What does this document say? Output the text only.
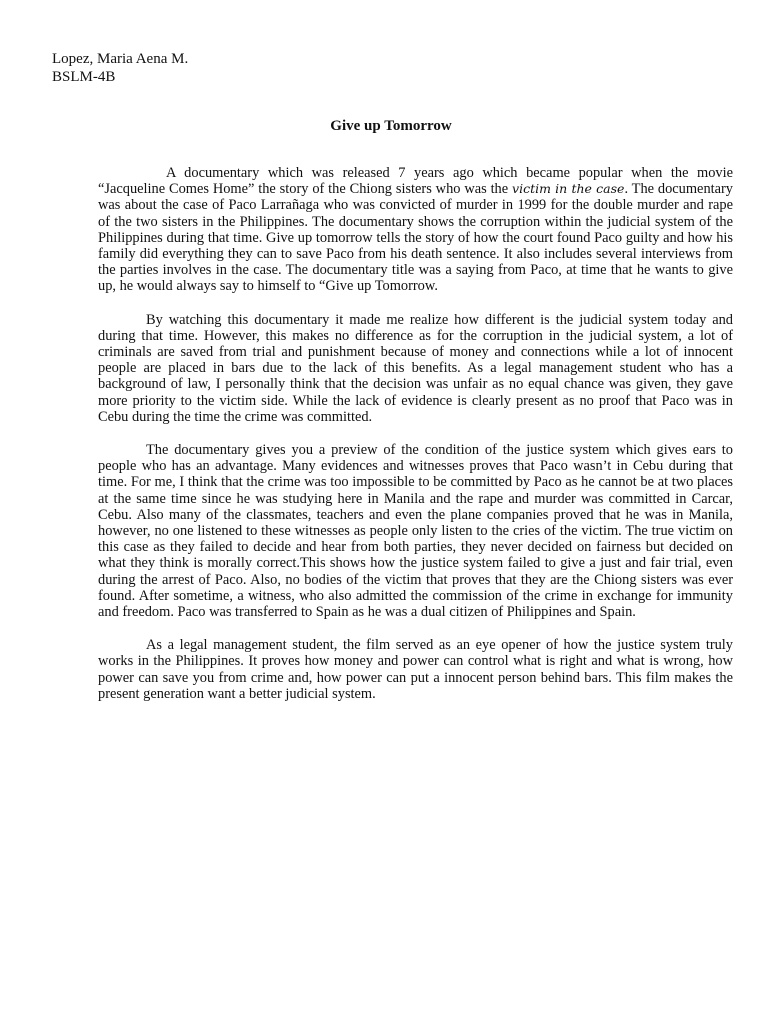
Lopez, Maria Aena M.
BSLM-4B
Give up Tomorrow

A documentary which was released 7 years ago which became popular when the movie “Jacqueline Comes Home” the story of the Chiong sisters who was the victim in the case. The documentary was about the case of Paco Larrañaga who was convicted of murder in 1999 for the double murder and rape of the two sisters in the Philippines. The documentary shows the corruption within the judicial system of the Philippines during that time. Give up tomorrow tells the story of how the court found Paco guilty and how his family did everything they can to save Paco from his death sentence. It also includes several interviews from the parties involves in the case. The documentary title was a saying from Paco, at time that he wants to give up, he would always say to himself to “Give up Tomorrow.

By watching this documentary it made me realize how different is the judicial system today and during that time. However, this makes no difference as for the corruption in the judicial system, a lot of criminals are saved from trial and punishment because of money and connections while a lot of innocent people are placed in bars due to the lack of this benefits. As a legal management student who has a background of law, I personally think that the decision was unfair as no equal chance was given, they gave more priority to the victim side. While the lack of evidence is clearly present as no proof that Paco was in Cebu during the time the crime was committed.

The documentary gives you a preview of the condition of the justice system which gives ears to people who has an advantage. Many evidences and witnesses proves that Paco wasn’t in Cebu during that time. For me, I think that the crime was too impossible to be committed by Paco as he cannot be at two places at the same time since he was studying here in Manila and the rape and murder was committed in Carcar, Cebu. Also many of the classmates, teachers and even the plane companies proved that he was in Manila, however, no one listened to these witnesses as people only listen to the cries of the victim. The true victim on this case as they failed to decide and hear from both parties, they never decided on fairness but decided on what they think is morally correct.This shows how the justice system failed to give a just and fair trial, even during the arrest of Paco. Also, no bodies of the victim that proves that they are the Chiong sisters was ever found. After sometime, a witness, who also admitted the commission of the crime in exchange for immunity and freedom. Paco was transferred to Spain as he was a dual citizen of Philippines and Spain.

As a legal management student, the film served as an eye opener of how the justice system truly works in the Philippines. It proves how money and power can control what is right and what is wrong, how power can save you from crime and, how power can put a innocent person behind bars. This film makes the present generation want a better judicial system.
